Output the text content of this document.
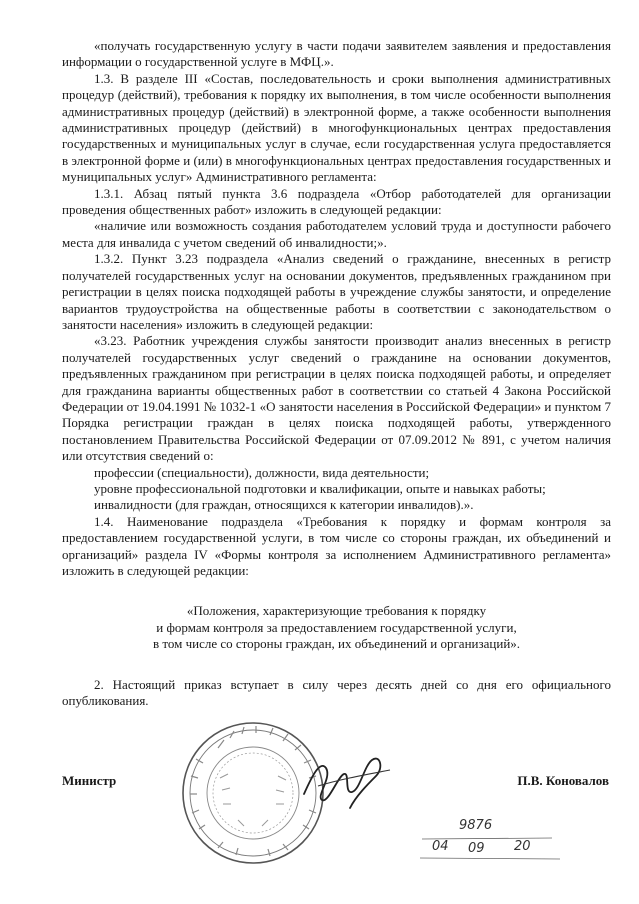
«получать государственную услугу в части подачи заявителем заявления и предоставления информации о государственной услуге в МФЦ.».

1.3. В разделе III «Состав, последовательность и сроки выполнения административных процедур (действий), требования к порядку их выполнения, в том числе особенности выполнения административных процедур (действий) в электронной форме, а также особенности выполнения административных процедур (действий) в многофункциональных центрах предоставления государственных и муниципальных услуг в случае, если государственная услуга предоставляется в электронной форме и (или) в многофункциональных центрах предоставления государственных и муниципальных услуг» Административного регламента:

1.3.1. Абзац пятый пункта 3.6 подраздела «Отбор работодателей для организации проведения общественных работ» изложить в следующей редакции:

«наличие или возможность создания работодателем условий труда и доступности рабочего места для инвалида с учетом сведений об инвалидности;».

1.3.2. Пункт 3.23 подраздела «Анализ сведений о гражданине, внесенных в регистр получателей государственных услуг на основании документов, предъявленных гражданином при регистрации в целях поиска подходящей работы в учреждение службы занятости, и определение вариантов трудоустройства на общественные работы в соответствии с законодательством о занятости населения» изложить в следующей редакции:

«3.23. Работник учреждения службы занятости производит анализ внесенных в регистр получателей государственных услуг сведений о гражданине на основании документов, предъявленных гражданином при регистрации в целях поиска подходящей работы, и определяет для гражданина варианты общественных работ в соответствии со статьей 4 Закона Российской Федерации от 19.04.1991 № 1032-1 «О занятости населения в Российской Федерации» и пунктом 7 Порядка регистрации граждан в целях поиска подходящей работы, утвержденного постановлением Правительства Российской Федерации от 07.09.2012 № 891, с учетом наличия или отсутствия сведений о:

профессии (специальности), должности, вида деятельности;

уровне профессиональной подготовки и квалификации, опыте и навыках работы;

инвалидности (для граждан, относящихся к категории инвалидов).».

1.4. Наименование подраздела «Требования к порядку и формам контроля за предоставлением государственной услуги, в том числе со стороны граждан, их объединений и организаций» раздела IV «Формы контроля за исполнением Административного регламента» изложить в следующей редакции:

«Положения, характеризующие требования к порядку
и формам контроля за предоставлением государственной услуги,
в том числе со стороны граждан, их объединений и организаций».

2. Настоящий приказ вступает в силу через десять дней со дня его официального опубликования.

Министр	П.В. Коновалов
9876
04 09 20
